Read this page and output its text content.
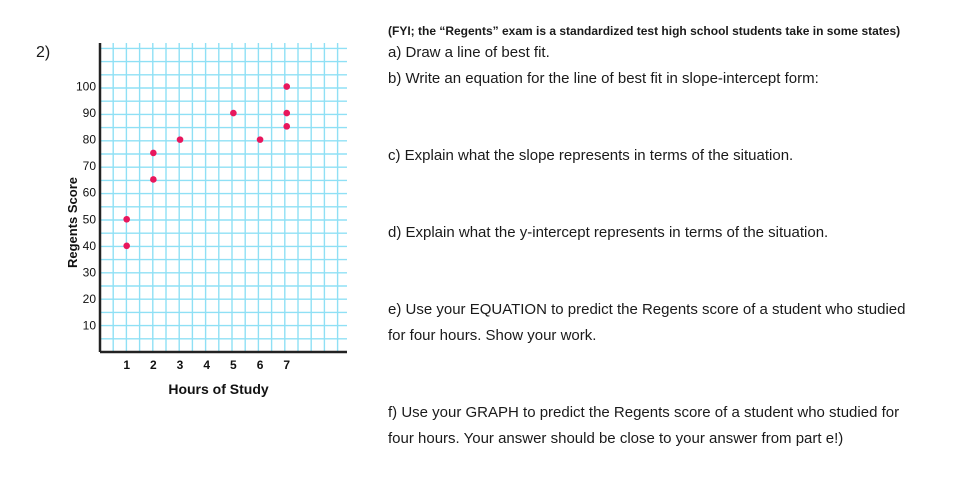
2)
10
20
30
40
50
60
70
80
90
100
1 2 3 4 5 6 7
Hours of Study
Regents Score
(FYI; the “Regents” exam is a standardized test high school students take in some states)
a) Draw a line of best fit.
b) Write an equation for the line of best fit in slope-intercept form:
c) Explain what the slope represents in terms of the situation.
d) Explain what the y-intercept represents in terms of the situation.
e) Use your EQUATION to predict the Regents score of a student who studied
for four hours. Show your work.
f) Use your GRAPH to predict the Regents score of a student who studied for
four hours. Your answer should be close to your answer from part e!)
